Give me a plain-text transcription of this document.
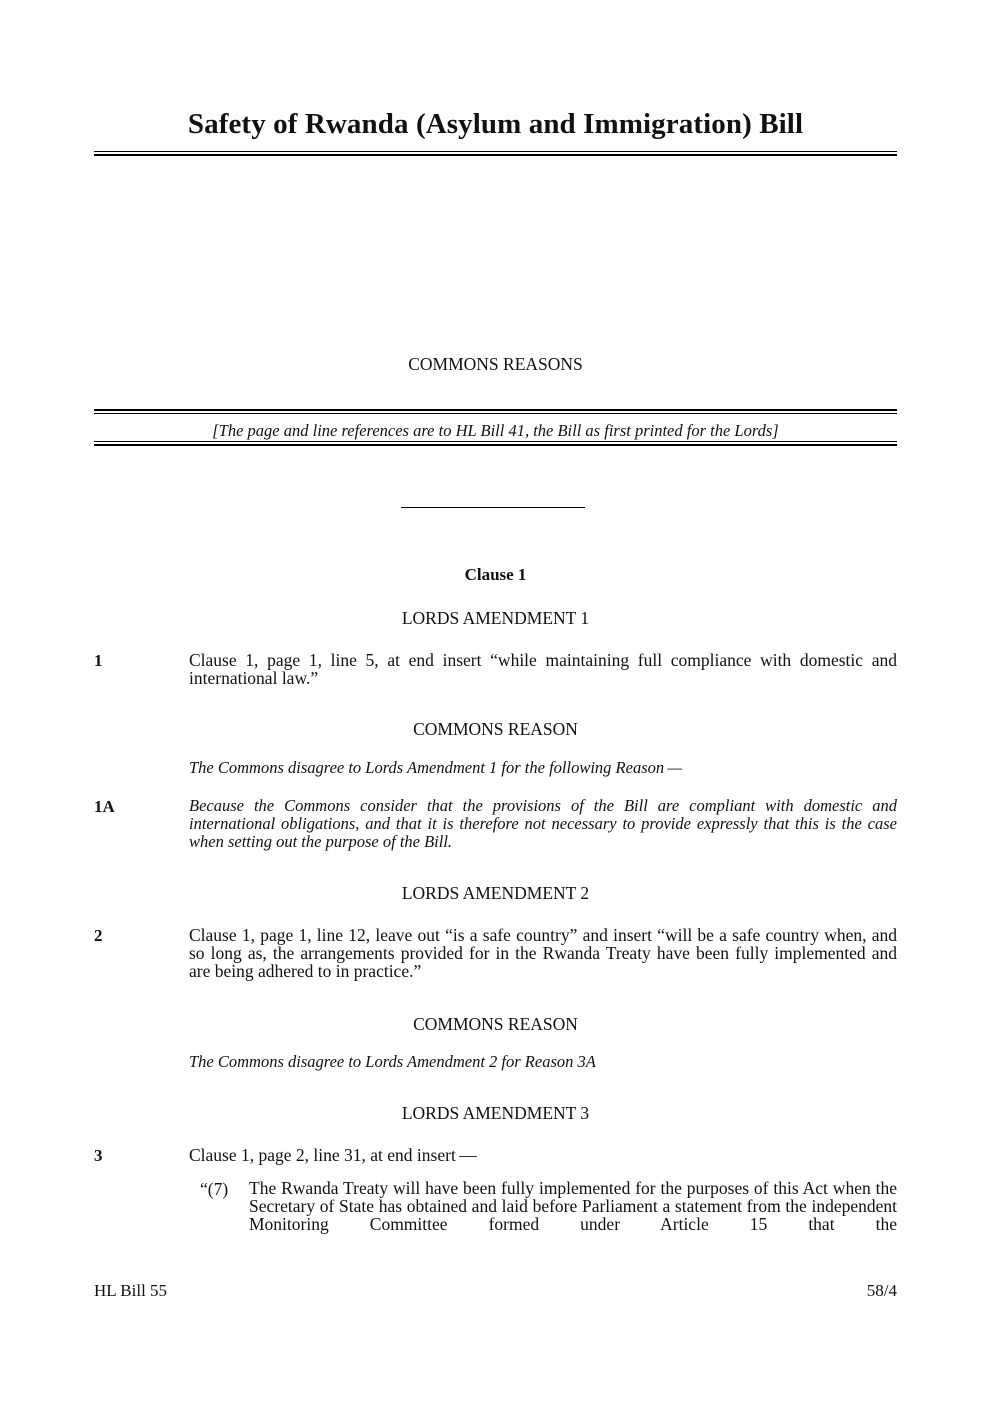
Safety of Rwanda (Asylum and Immigration) Bill
COMMONS REASONS
[The page and line references are to HL Bill 41, the Bill as first printed for the Lords]
Clause 1
LORDS AMENDMENT 1
1	Clause 1, page 1, line 5, at end insert “while maintaining full compliance with domestic and international law.”
COMMONS REASON
The Commons disagree to Lords Amendment 1 for the following Reason —
1A	Because the Commons consider that the provisions of the Bill are compliant with domestic and international obligations, and that it is therefore not necessary to provide expressly that this is the case when setting out the purpose of the Bill.
LORDS AMENDMENT 2
2	Clause 1, page 1, line 12, leave out “is a safe country” and insert “will be a safe country when, and so long as, the arrangements provided for in the Rwanda Treaty have been fully implemented and are being adhered to in practice.”
COMMONS REASON
The Commons disagree to Lords Amendment 2 for Reason 3A
LORDS AMENDMENT 3
3	Clause 1, page 2, line 31, at end insert —
“(7) The Rwanda Treaty will have been fully implemented for the purposes of this Act when the Secretary of State has obtained and laid before Parliament a statement from the independent Monitoring Committee formed under Article 15 that the
HL Bill 55	58/4
